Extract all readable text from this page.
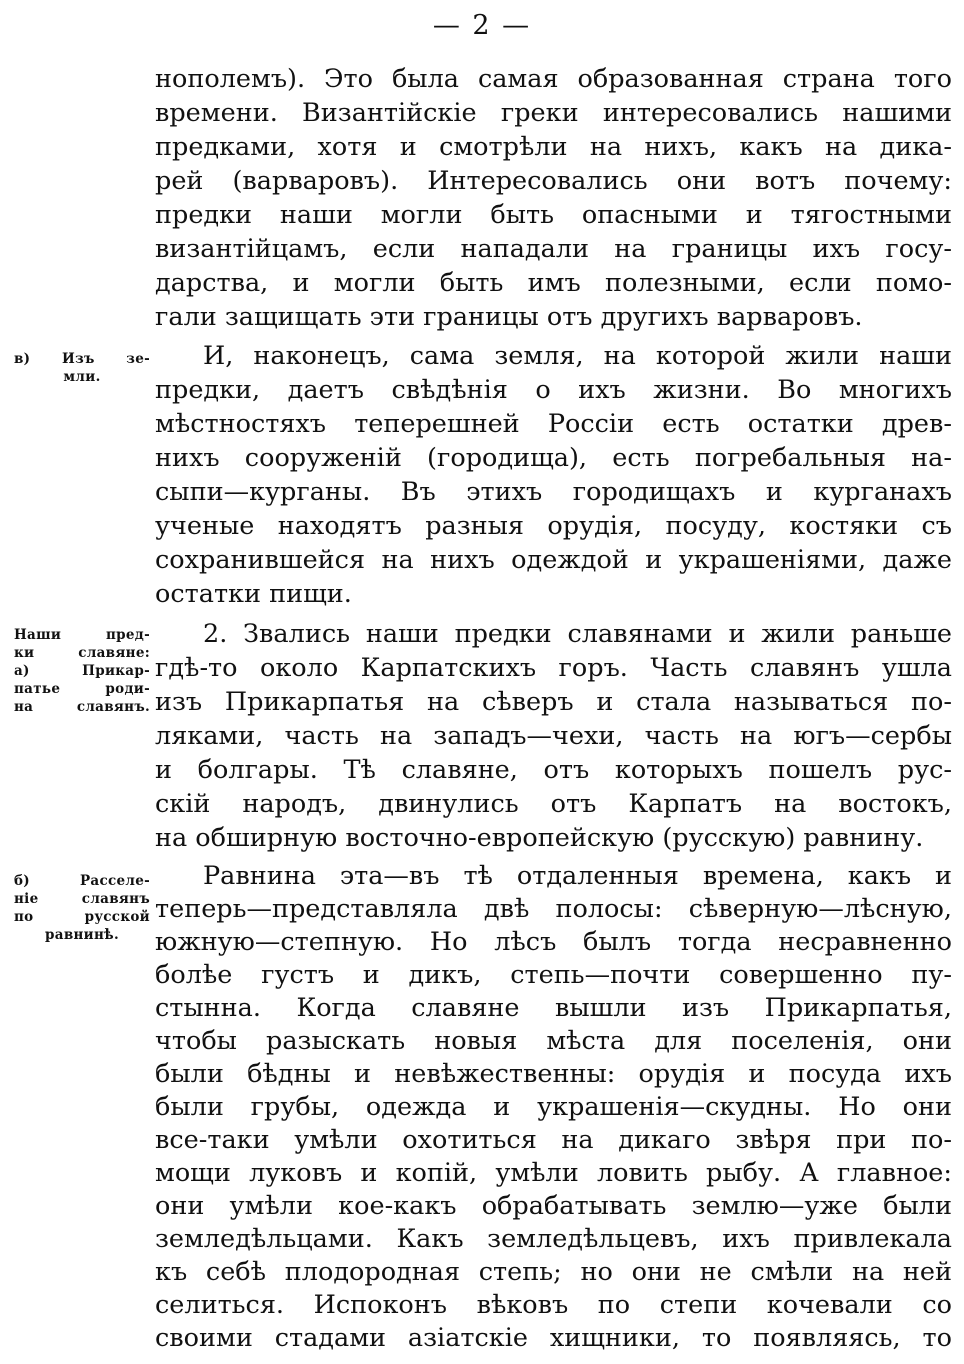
— 2 —
нополемъ). Это была самая образованная страна того
времени. Византійскіе греки интересовались нашими
предками, хотя и смотрѣли на нихъ, какъ на дика-
рей (варваровъ). Интересовались они вотъ почему:
предки наши могли быть опасными и тягостными
византійцамъ, если нападали на границы ихъ госу-
дарства, и могли быть имъ полезными, если помо-
гали защищать эти границы отъ другихъ варваровъ.
И, наконецъ, сама земля, на которой жили наши
предки, даетъ свѣдѣнія о ихъ жизни. Во многихъ
мѣстностяхъ теперешней Россіи есть остатки древ-
нихъ сооруженій (городища), есть погребальныя на-
сыпи—курганы. Въ этихъ городищахъ и курганахъ
ученые находятъ разныя орудія, посуду, костяки съ
сохранившейся на нихъ одеждой и украшеніями, даже
остатки пищи.
2. Звались наши предки славянами и жили раньше
гдѣ-то около Карпатскихъ горъ. Часть славянъ ушла
изъ Прикарпатья на сѣверъ и стала называться по-
ляками, часть на западъ—чехи, часть на югъ—сербы
и болгары. Тѣ славяне, отъ которыхъ пошелъ рус-
скій народъ, двинулись отъ Карпатъ на востокъ,
на обширную восточно-европейскую (русскую) равнину.
Равнина эта—въ тѣ отдаленныя времена, какъ и
теперь—представляла двѣ полосы: сѣверную—лѣсную,
южную—степную. Но лѣсъ былъ тогда несравненно
болѣе густъ и дикъ, степь—почти совершенно пу-
стынна. Когда славяне вышли изъ Прикарпатья,
чтобы разыскать новыя мѣста для поселенія, они
были бѣдны и невѣжественны: орудія и посуда ихъ
были грубы, одежда и украшенія—скудны. Но они
все-таки умѣли охотиться на дикаго звѣря при по-
мощи луковъ и копій, умѣли ловить рыбу. А главное:
они умѣли кое-какъ обрабатывать землю—уже были
земледѣльцами. Какъ земледѣльцевъ, ихъ привлекала
къ себѣ плодородная степь; но они не смѣли на ней
селиться. Испоконъ вѣковъ по степи кочевали со
своими стадами азіатскіе хищники, то появляясь, то
в) Изъ зе-
мли.
Наши пред-
ки славяне:
а) Прикар-
патье роди-
на славянъ.
б) Расселе-
ніе славянъ
по русской
равнинѣ.
